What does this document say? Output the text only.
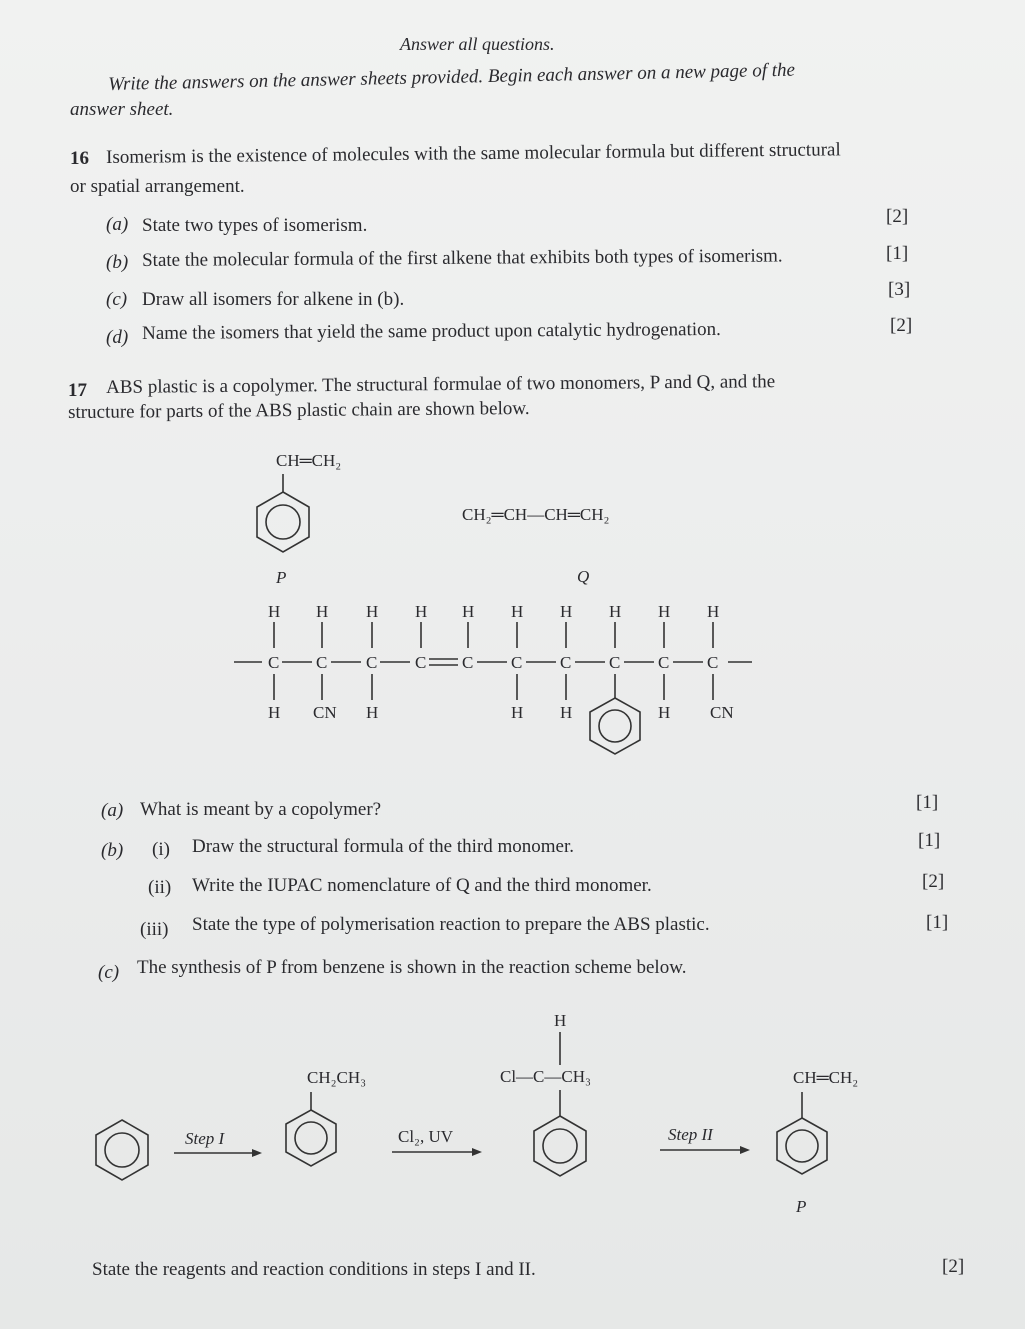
Answer all questions.
Write the answers on the answer sheets provided. Begin each answer on a new page of the
answer sheet.
16 Isomerism is the existence of molecules with the same molecular formula but different structural
or spatial arrangement.
(a) State two types of isomerism.	[2]
(b) State the molecular formula of the first alkene that exhibits both types of isomerism.	[1]
(c) Draw all isomers for alkene in (b).	[3]
(d) Name the isomers that yield the same product upon catalytic hydrogenation.	[2]
17 ABS plastic is a copolymer. The structural formulae of two monomers, P and Q, and the
structure for parts of the ABS plastic chain are shown below.
CH═CH₂
P
CH₂═CH—CH═CH₂
Q
H H H H H H H H H H
C C C C C C C C C C
H CN H	H H	H CN
Step I
CH₂CH₃
Cl₂, UV
H
Cl—C—CH₃
Step II
CH═CH₂
P
(a) What is meant by a copolymer?	[1]
(b) (i) Draw the structural formula of the third monomer.	[1]
(ii) Write the IUPAC nomenclature of Q and the third monomer.	[2]
(iii) State the type of polymerisation reaction to prepare the ABS plastic.	[1]
(c) The synthesis of P from benzene is shown in the reaction scheme below.
State the reagents and reaction conditions in steps I and II.	[2]
